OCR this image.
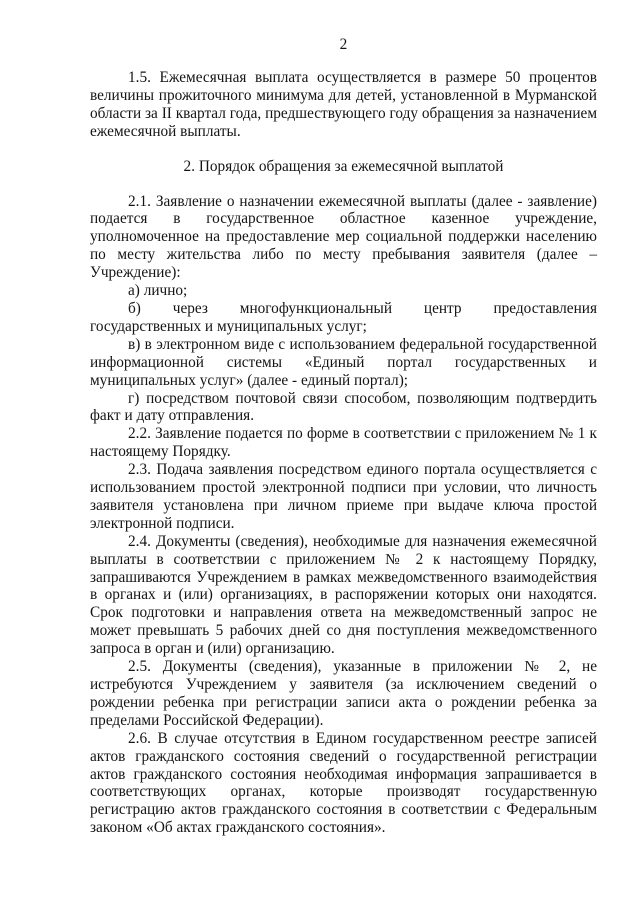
2

1.5. Ежемесячная выплата осуществляется в размере 50 процентов величины прожиточного минимума для детей, установленной в Мурманской области за II квартал года, предшествующего году обращения за назначением ежемесячной выплаты.

2. Порядок обращения за ежемесячной выплатой

2.1. Заявление о назначении ежемесячной выплаты (далее - заявление) подается в государственное областное казенное учреждение, уполномоченное на предоставление мер социальной поддержки населению по месту жительства либо по месту пребывания заявителя (далее – Учреждение):

а) лично;

б) через многофункциональный центр предоставления государственных и муниципальных услуг;

в) в электронном виде с использованием федеральной государственной информационной системы «Единый портал государственных и муниципальных услуг» (далее - единый портал);

г) посредством почтовой связи способом, позволяющим подтвердить факт и дату отправления.

2.2. Заявление подается по форме в соответствии с приложением № 1 к настоящему Порядку.

2.3. Подача заявления посредством единого портала осуществляется с использованием простой электронной подписи при условии, что личность заявителя установлена при личном приеме при выдаче ключа простой электронной подписи.

2.4. Документы (сведения), необходимые для назначения ежемесячной выплаты в соответствии с приложением № 2 к настоящему Порядку, запрашиваются Учреждением в рамках межведомственного взаимодействия в органах и (или) организациях, в распоряжении которых они находятся. Срок подготовки и направления ответа на межведомственный запрос не может превышать 5 рабочих дней со дня поступления межведомственного запроса в орган и (или) организацию.

2.5. Документы (сведения), указанные в приложении № 2, не истребуются Учреждением у заявителя (за исключением сведений о рождении ребенка при регистрации записи акта о рождении ребенка за пределами Российской Федерации).

2.6. В случае отсутствия в Едином государственном реестре записей актов гражданского состояния сведений о государственной регистрации актов гражданского состояния необходимая информация запрашивается в соответствующих органах, которые производят государственную регистрацию актов гражданского состояния в соответствии с Федеральным законом «Об актах гражданского состояния».
